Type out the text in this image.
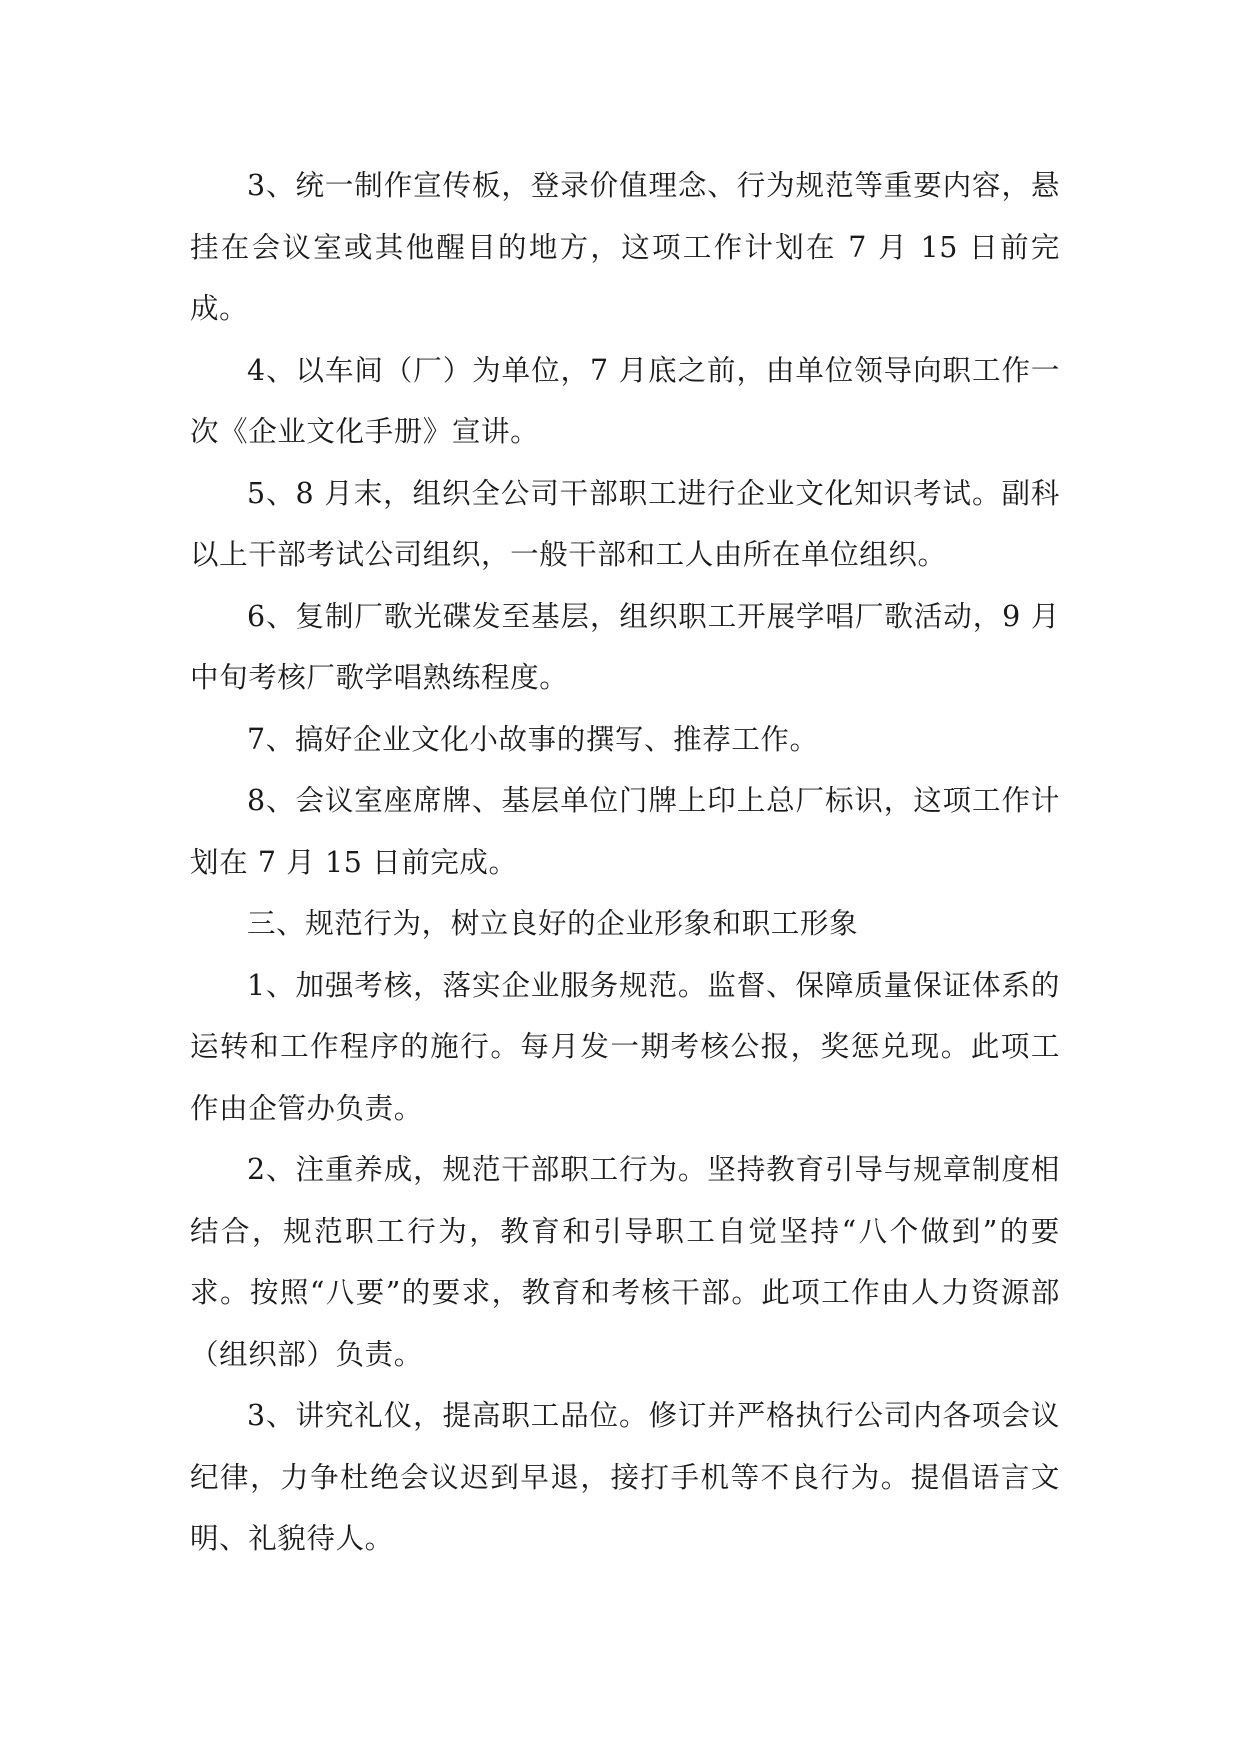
3、统一制作宣传板，登录价值理念、行为规范等重要内容，悬挂在会议室或其他醒目的地方，这项工作计划在 7 月 15 日前完成。

4、以车间（厂）为单位，7 月底之前，由单位领导向职工作一次《企业文化手册》宣讲。

5、8 月末，组织全公司干部职工进行企业文化知识考试。副科以上干部考试公司组织，一般干部和工人由所在单位组织。

6、复制厂歌光碟发至基层，组织职工开展学唱厂歌活动，9 月中旬考核厂歌学唱熟练程度。

7、搞好企业文化小故事的撰写、推荐工作。

8、会议室座席牌、基层单位门牌上印上总厂标识，这项工作计划在 7 月 15 日前完成。

三、规范行为，树立良好的企业形象和职工形象

1、加强考核，落实企业服务规范。监督、保障质量保证体系的运转和工作程序的施行。每月发一期考核公报，奖惩兑现。此项工作由企管办负责。

2、注重养成，规范干部职工行为。坚持教育引导与规章制度相结合，规范职工行为，教育和引导职工自觉坚持“八个做到”的要求。按照“八要”的要求，教育和考核干部。此项工作由人力资源部（组织部）负责。

3、讲究礼仪，提高职工品位。修订并严格执行公司内各项会议纪律，力争杜绝会议迟到早退，接打手机等不良行为。提倡语言文明、礼貌待人。
